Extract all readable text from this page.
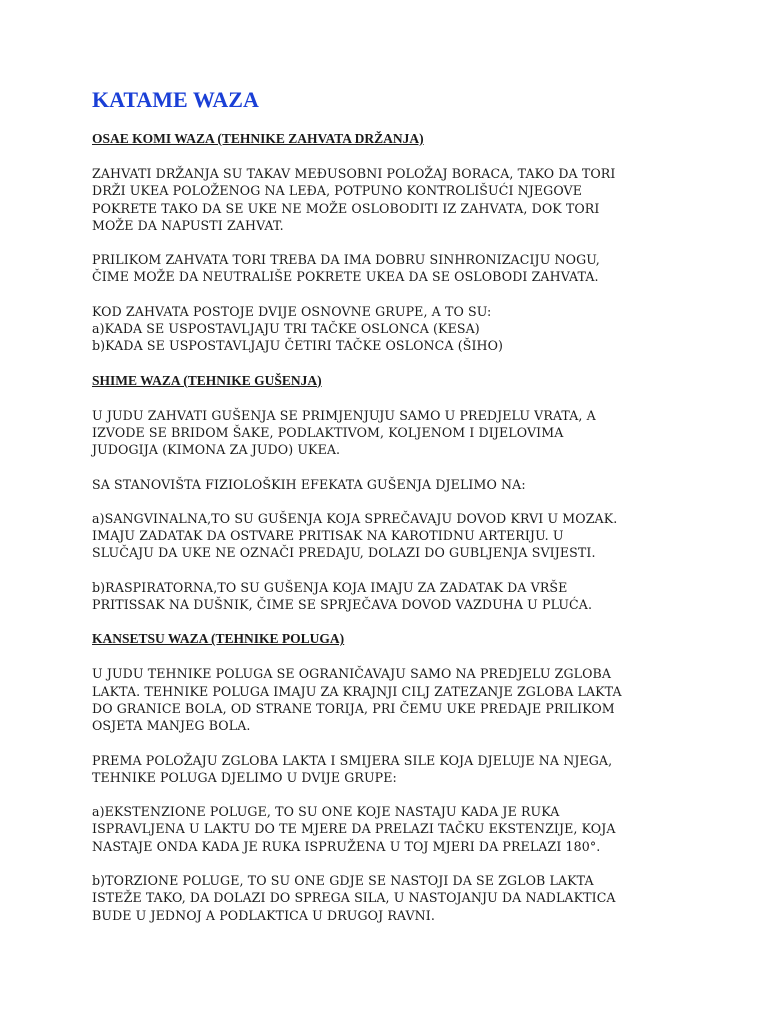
KATAME WAZA
OSAE KOMI WAZA (TEHNIKE ZAHVATA DRŽANJA)
ZAHVATI DRŽANJA SU TAKAV MEĐUSOBNI POLOŽAJ BORACA, TAKO DA TORI
DRŽI UKEA POLOŽENOG NA LEĐA, POTPUNO KONTROLIŠUĆI NJEGOVE
POKRETE TAKO DA SE UKE NE MOŽE OSLOBODITI IZ ZAHVATA, DOK TORI
MOŽE DA NAPUSTI ZAHVAT.
PRILIKOM ZAHVATA TORI TREBA DA IMA DOBRU SINHRONIZACIJU NOGU,
ČIME MOŽE DA NEUTRALIŠE POKRETE UKEA DA SE OSLOBODI ZAHVATA.
KOD ZAHVATA POSTOJE DVIJE OSNOVNE GRUPE, A TO SU:
a)KADA SE USPOSTAVLJAJU TRI TAČKE OSLONCA (KESA)
b)KADA SE USPOSTAVLJAJU ČETIRI TAČKE OSLONCA (ŠIHO)
SHIME WAZA (TEHNIKE GUŠENJA)
U JUDU ZAHVATI GUŠENJA SE PRIMJENJUJU SAMO U PREDJELU VRATA, A
IZVODE SE BRIDOM ŠAKE, PODLAKTIVOM, KOLJENOM I DIJELOVIMA
JUDOGIJA (KIMONA ZA JUDO) UKEA.
SA STANOVIŠTA FIZIOLOŠKIH EFEKATA GUŠENJA DJELIMO NA:
a)SANGVINALNA,TO SU GUŠENJA KOJA SPREČAVAJU DOVOD KRVI U MOZAK.
IMAJU ZADATAK DA OSTVARE PRITISAK NA KAROTIDNU ARTERIJU. U
SLUČAJU DA UKE NE OZNAČI PREDAJU, DOLAZI DO GUBLJENJA SVIJESTI.
b)RASPIRATORNA,TO SU GUŠENJA KOJA IMAJU ZA ZADATAK DA VRŠE
PRITISSAK NA DUŠNIK, ČIME SE SPRJEČAVA DOVOD VAZDUHA U PLUĆA.
KANSETSU WAZA (TEHNIKE POLUGA)
U JUDU TEHNIKE POLUGA SE OGRANIČAVAJU SAMO NA PREDJELU ZGLOBA
LAKTA. TEHNIKE POLUGA IMAJU ZA KRAJNJI CILJ ZATEZANJE ZGLOBA LAKTA
DO GRANICE BOLA, OD STRANE TORIJA, PRI ČEMU UKE PREDAJE PRILIKOM
OSJETA MANJEG BOLA.
PREMA POLOŽAJU ZGLOBA LAKTA I SMIJERA SILE KOJA DJELUJE NA NJEGA,
TEHNIKE POLUGA DJELIMO U DVIJE GRUPE:
a)EKSTENZIONE POLUGE, TO SU ONE KOJE NASTAJU KADA JE RUKA
ISPRAVLJENA U LAKTU DO TE MJERE DA PRELAZI TAČKU EKSTENZIJE, KOJA
NASTAJE ONDA KADA JE RUKA ISPRUŽENA U TOJ MJERI DA PRELAZI 180°.
b)TORZIONE POLUGE, TO SU ONE GDJE SE NASTOJI DA SE ZGLOB LAKTA
ISTEŽE TAKO, DA DOLAZI DO SPREGA SILA, U NASTOJANJU DA NADLAKTICA
BUDE U JEDNOJ A PODLAKTICA U DRUGOJ RAVNI.
